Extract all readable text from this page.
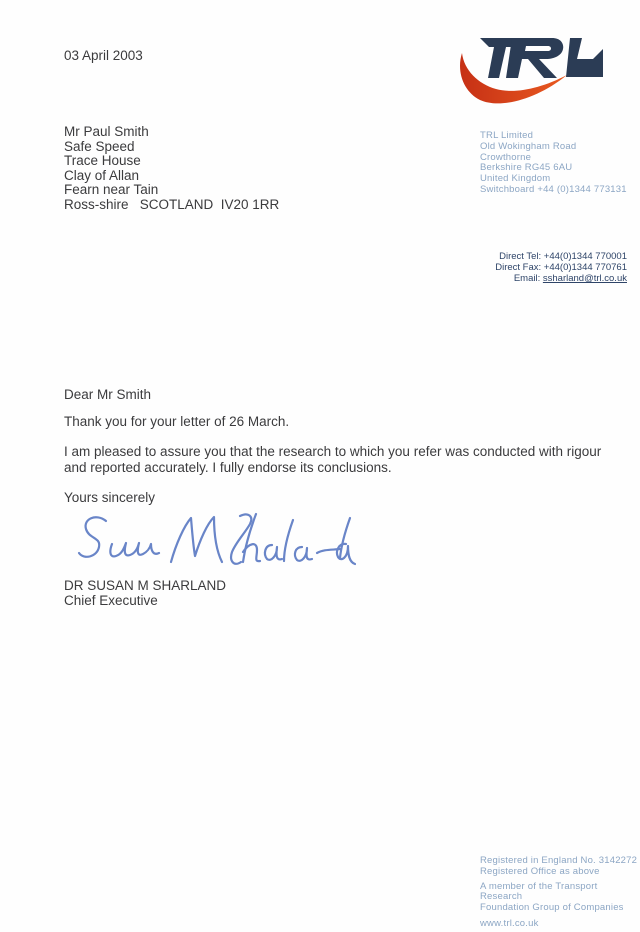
03 April 2003
Mr Paul Smith
Safe Speed
Trace House
Clay of Allan
Fearn near Tain
Ross-shire   SCOTLAND  IV20 1RR
TRL Limited
Old Wokingham Road
Crowthorne
Berkshire RG45 6AU
United Kingdom
Switchboard +44 (0)1344 773131
Direct Tel: +44(0)1344 770001
Direct Fax: +44(0)1344 770761
Email: ssharland@trl.co.uk
Dear Mr Smith
Thank you for your letter of 26 March.
I am pleased to assure you that the research to which you refer was conducted with rigour
and reported accurately. I fully endorse its conclusions.
Yours sincerely
DR SUSAN M SHARLAND
Chief Executive
Registered in England No. 3142272
Registered Office as above
A member of the Transport Research
Foundation Group of Companies
www.trl.co.uk
